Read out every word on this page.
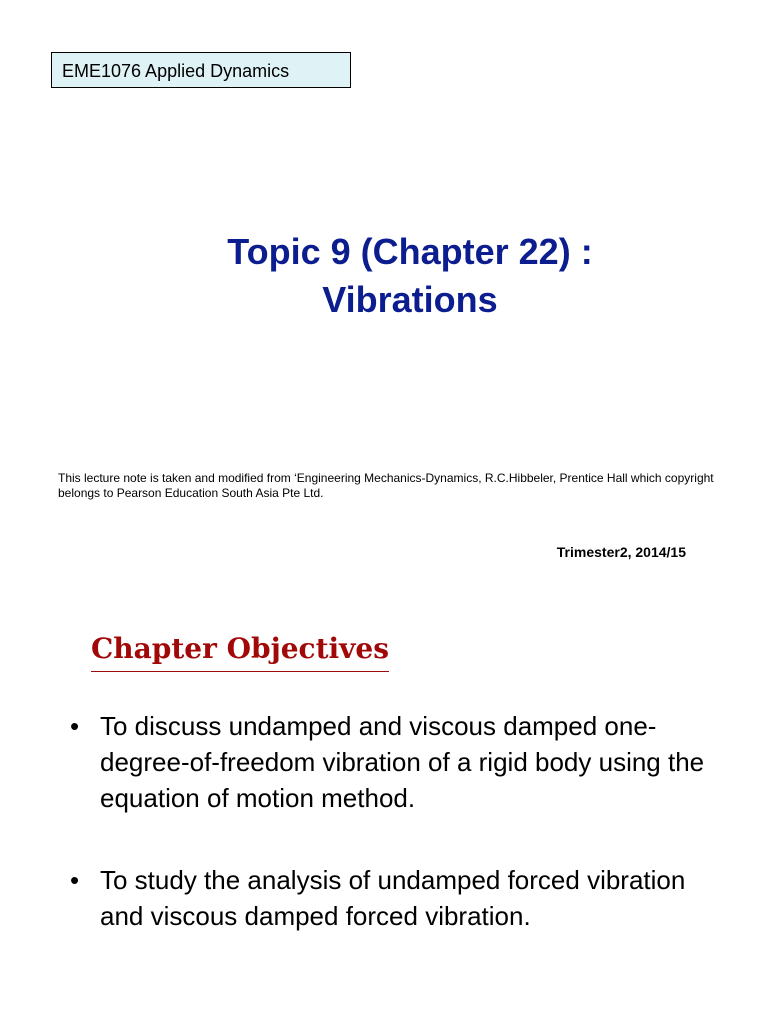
EME1076 Applied Dynamics
Topic 9 (Chapter 22) :
Vibrations
This lecture note is taken and modified from ‘Engineering Mechanics-Dynamics, R.C.Hibbeler, Prentice Hall which copyright belongs to Pearson Education South Asia Pte Ltd.
Trimester2, 2014/15
Chapter Objectives
• To discuss undamped and viscous damped one-degree-of-freedom vibration of a rigid body using the equation of motion method.
• To study the analysis of undamped forced vibration and viscous damped forced vibration.
